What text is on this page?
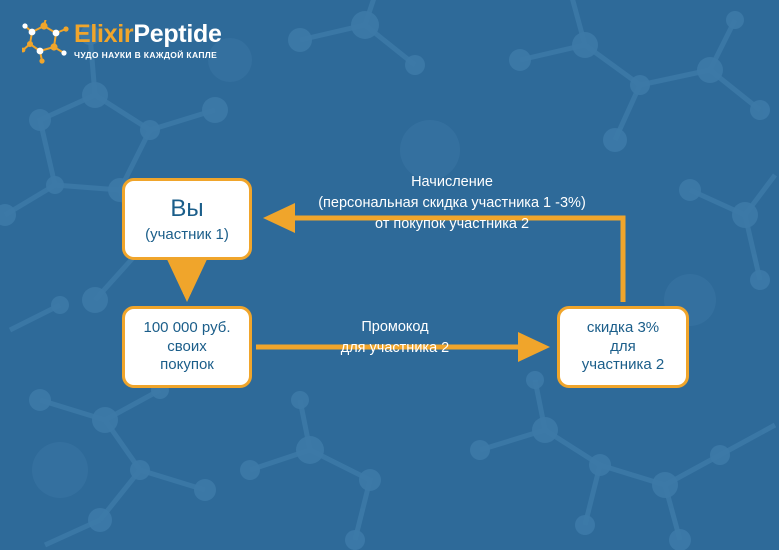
ElixirPeptide
ЧУДО НАУКИ В КАЖДОЙ КАПЛЕ
Вы
(участник 1)
100 000 руб.
своих
покупок
скидка 3%
для
участника 2
Начисление
(персональная скидка участника 1 -3%)
от покупок участника 2
Промокод
для участника 2
